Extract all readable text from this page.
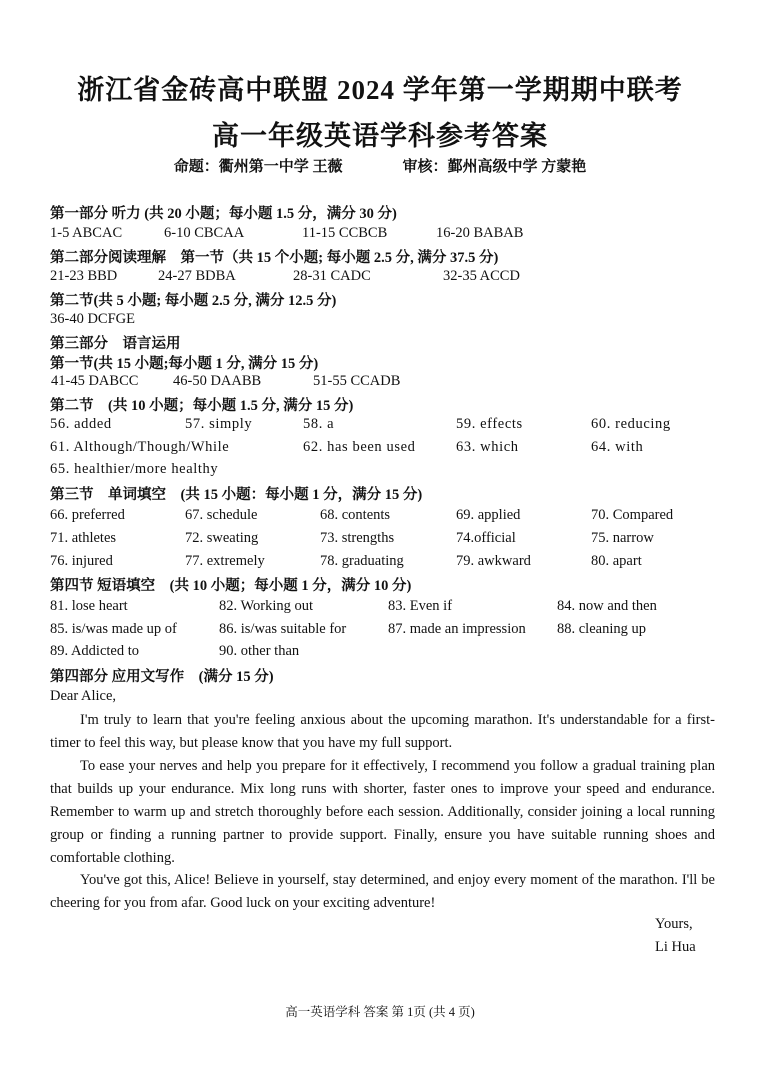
浙江省金砖高中联盟 2024 学年第一学期期中联考
高一年级英语学科参考答案
命题：衢州第一中学 王薇	审核：鄞州高级中学 方蒙艳
第一部分 听力 (共 20 小题；每小题 1.5 分，满分 30 分)
1-5 ABCAC	6-10 CBCAA	11-15 CCBCB	16-20 BABAB
第二部分阅读理解　第一节（共 15 个小题; 每小题 2.5 分, 满分 37.5 分)
21-23 BBD	24-27 BDBA	28-31 CADC	32-35 ACCD
第二节(共 5 小题; 每小题 2.5 分, 满分 12.5 分)
36-40 DCFGE
第三部分　语言运用
第一节(共 15 小题;每小题 1 分, 满分 15 分)
41-45 DABCC 46-50 DAABB	51-55 CCADB
第二节　(共 10 小题；每小题 1.5 分, 满分 15 分)
56. added	57. simply	58. a	59. effects	60. reducing
61. Although/Though/While	62. has been used	63. which	64. with
65. healthier/more healthy
第三节　单词填空　(共 15 小题：每小题 1 分，满分 15 分)
66. preferred	67. schedule	68. contents	69. applied	70. Compared
71. athletes	72. sweating	73. strengths	74.official	75. narrow
76. injured	77. extremely	78. graduating	79. awkward	80. apart
第四节 短语填空　(共 10 小题；每小题 1 分，满分 10 分)
81. lose heart	82. Working out	83. Even if	84. now and then
85. is/was made up of	86. is/was suitable for	87. made an impression 88. cleaning up
89. Addicted to	90. other than
第四部分 应用文写作　(满分 15 分)
Dear Alice,
I'm truly to learn that you're feeling anxious about the upcoming marathon. It's understandable for a first-timer to feel this way, but please know that you have my full support.
To ease your nerves and help you prepare for it effectively, I recommend you follow a gradual training plan that builds up your endurance. Mix long runs with shorter, faster ones to improve your speed and endurance. Remember to warm up and stretch thoroughly before each session. Additionally, consider joining a local running group or finding a running partner to provide support. Finally, ensure you have suitable running shoes and comfortable clothing.
You've got this, Alice! Believe in yourself, stay determined, and enjoy every moment of the marathon. I'll be cheering for you from afar. Good luck on your exciting adventure!
Yours,
Li Hua
高一英语学科 答案 第 1页 (共 4 页)
